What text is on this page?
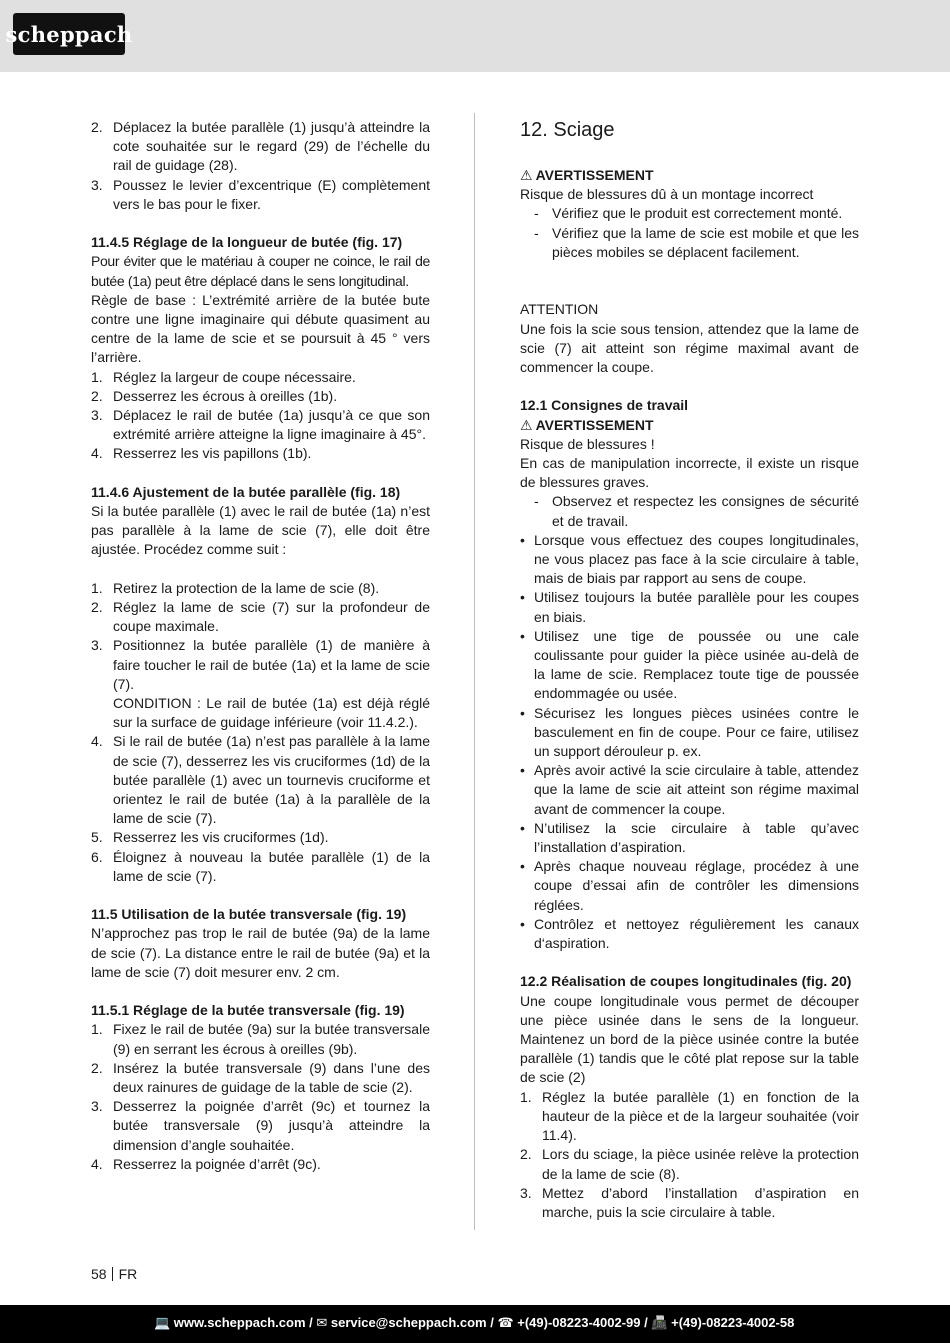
scheppach
2. Déplacez la butée parallèle (1) jusqu’à atteindre la cote souhaitée sur le regard (29) de l’échelle du rail de guidage (28).
3. Poussez le levier d’excentrique (E) complètement vers le bas pour le fixer.

11.4.5 Réglage de la longueur de butée (fig. 17)

Pour éviter que le matériau à couper ne coince, le rail de butée (1a) peut être déplacé dans le sens longitudinal.

Règle de base : L’extrémité arrière de la butée bute contre une ligne imaginaire qui débute quasiment au centre de la lame de scie et se poursuit à 45 ° vers l’arrière.

1. Réglez la largeur de coupe nécessaire.
2. Desserrez les écrous à oreilles (1b).
3. Déplacez le rail de butée (1a) jusqu’à ce que son extrémité arrière atteigne la ligne imaginaire à 45°.
4. Resserrez les vis papillons (1b).

11.4.6 Ajustement de la butée parallèle (fig. 18)

Si la butée parallèle (1) avec le rail de butée (1a) n’est pas parallèle à la lame de scie (7), elle doit être ajustée. Procédez comme suit :

1. Retirez la protection de la lame de scie (8).
2. Réglez la lame de scie (7) sur la profondeur de coupe maximale.
3. Positionnez la butée parallèle (1) de manière à faire toucher le rail de butée (1a) et la lame de scie (7).
CONDITION : Le rail de butée (1a) est déjà réglé sur la surface de guidage inférieure (voir 11.4.2.).
4. Si le rail de butée (1a) n’est pas parallèle à la lame de scie (7), desserrez les vis cruciformes (1d) de la butée parallèle (1) avec un tournevis cruciforme et orientez le rail de butée (1a) à la parallèle de la lame de scie (7).
5. Resserrez les vis cruciformes (1d).
6. Éloignez à nouveau la butée parallèle (1) de la lame de scie (7).

11.5 Utilisation de la butée transversale (fig. 19)

N’approchez pas trop le rail de butée (9a) de la lame de scie (7). La distance entre le rail de butée (9a) et la lame de scie (7) doit mesurer env. 2 cm.

11.5.1 Réglage de la butée transversale (fig. 19)

1. Fixez le rail de butée (9a) sur la butée transversale (9) en serrant les écrous à oreilles (9b).
2. Insérez la butée transversale (9) dans l’une des deux rainures de guidage de la table de scie (2).
3. Desserrez la poignée d’arrêt (9c) et tournez la butée transversale (9) jusqu’à atteindre la dimension d’angle souhaitée.
4. Resserrez la poignée d’arrêt (9c).

12. Sciage

⚠ AVERTISSEMENT

Risque de blessures dû à un montage incorrect

- Vérifiez que le produit est correctement monté.
- Vérifiez que la lame de scie est mobile et que les pièces mobiles se déplacent facilement.

ATTENTION

Une fois la scie sous tension, attendez que la lame de scie (7) ait atteint son régime maximal avant de commencer la coupe.

12.1 Consignes de travail

⚠ AVERTISSEMENT

Risque de blessures !

En cas de manipulation incorrecte, il existe un risque de blessures graves.

- Observez et respectez les consignes de sécurité et de travail.
• Lorsque vous effectuez des coupes longitudinales, ne vous placez pas face à la scie circulaire à table, mais de biais par rapport au sens de coupe.
• Utilisez toujours la butée parallèle pour les coupes en biais.
• Utilisez une tige de poussée ou une cale coulissante pour guider la pièce usinée au-delà de la lame de scie. Remplacez toute tige de poussée endommagée ou usée.
• Sécurisez les longues pièces usinées contre le basculement en fin de coupe. Pour ce faire, utilisez un support dérouleur p. ex.
• Après avoir activé la scie circulaire à table, attendez que la lame de scie ait atteint son régime maximal avant de commencer la coupe.
• N’utilisez la scie circulaire à table qu’avec l’installation d’aspiration.
• Après chaque nouveau réglage, procédez à une coupe d’essai afin de contrôler les dimensions réglées.
• Contrôlez et nettoyez régulièrement les canaux d‘aspiration.

12.2 Réalisation de coupes longitudinales (fig. 20)

Une coupe longitudinale vous permet de découper une pièce usinée dans le sens de la longueur. Maintenez un bord de la pièce usinée contre la butée parallèle (1) tandis que le côté plat repose sur la table de scie (2)

1. Réglez la butée parallèle (1) en fonction de la hauteur de la pièce et de la largeur souhaitée (voir 11.4).
2. Lors du sciage, la pièce usinée relève la protection de la lame de scie (8).
3. Mettez d’abord l’installation d’aspiration en marche, puis la scie circulaire à table.
58 FR
💻 www.scheppach.com / ✉ service@scheppach.com / ☎ +(49)-08223-4002-99 / 📠 +(49)-08223-4002-58
